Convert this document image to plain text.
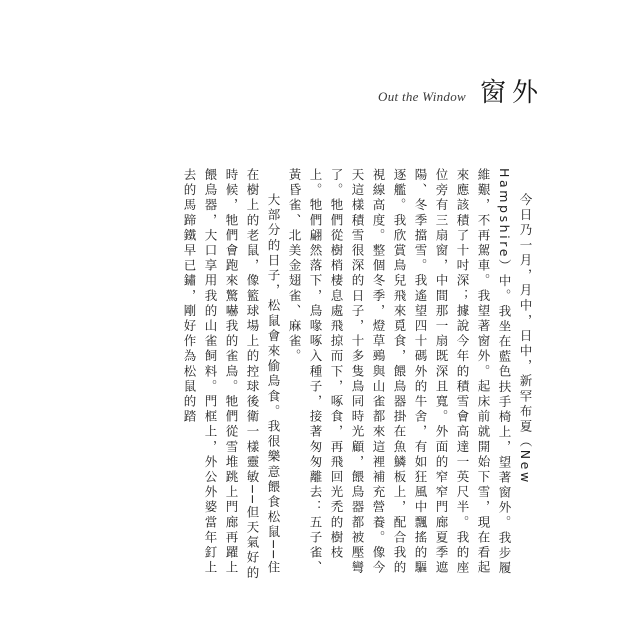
Out the Window 窗外

今日乃一月，月中，日中，新罕布夏（New Hampshire）中。我坐在藍色扶手椅上，望著窗外。我步履維艱，不再駕車。我望著窗外。起床前就開始下雪，現在看起來應該積了十吋深；據說今年的積雪會高達一英尺半。我的座位旁有三扇窗，中間那一扇既深且寬。外面的窄窄門廊夏季遮陽、冬季擋雪。我遙望四十碼外的牛舍，有如狂風中飄搖的驅逐艦。我欣賞鳥兒飛來覓食，餵鳥器掛在魚鱗板上，配合我的視線高度。整個冬季，燈草鵐與山雀都來這裡補充營養。像今天這樣積雪很深的日子，十多隻鳥同時光顧，餵鳥器都被壓彎了。牠們從樹梢棲息處飛掠而下，啄食，再飛回光禿的樹枝上。牠們翩然落下，鳥喙啄入種子，接著匆匆離去：五子雀、黃昏雀、北美金翅雀、麻雀。

大部分的日子，松鼠會來偷鳥食。我很樂意餵食松鼠──住在樹上的老鼠，像籃球場上的控球後衛一樣靈敏──但天氣好的時候，牠們會跑來驚嚇我的雀鳥。牠們從雪堆跳上門廊再躍上餵鳥器，大口享用我的山雀飼料。門框上，外公外婆當年釘上去的馬蹄鐵早已鏽，剛好作為松鼠的踏
